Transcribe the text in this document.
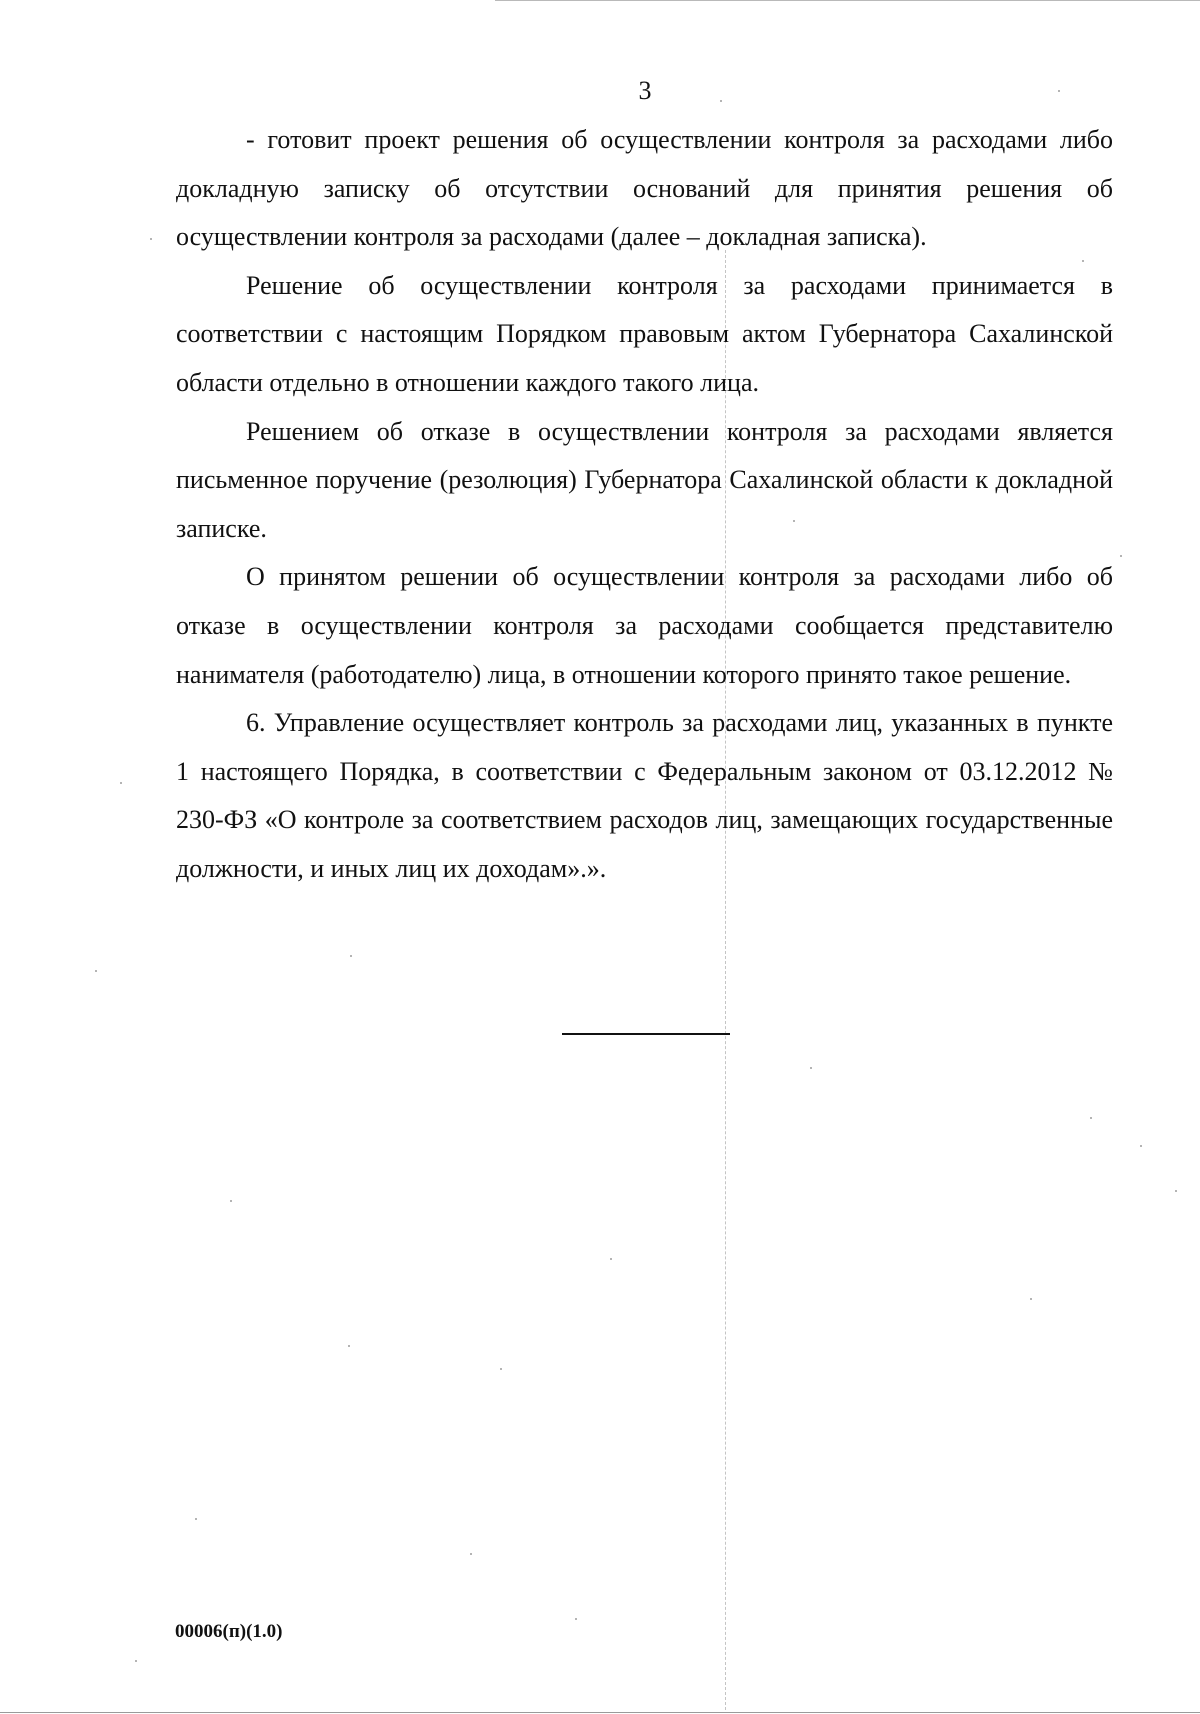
3

- готовит проект решения об осуществлении контроля за расходами либо докладную записку об отсутствии оснований для принятия решения об осуществлении контроля за расходами (далее – докладная записка).

Решение об осуществлении контроля за расходами принимается в соответствии с настоящим Порядком правовым актом Губернатора Сахалинской области отдельно в отношении каждого такого лица.

Решением об отказе в осуществлении контроля за расходами является письменное поручение (резолюция) Губернатора Сахалинской области к докладной записке.

О принятом решении об осуществлении контроля за расходами либо об отказе в осуществлении контроля за расходами сообщается представителю нанимателя (работодателю) лица, в отношении которого принято такое решение.

6. Управление осуществляет контроль за расходами лиц, указанных в пункте 1 настоящего Порядка, в соответствии с Федеральным законом от 03.12.2012 № 230-ФЗ «О контроле за соответствием расходов лиц, замещающих государственные должности, и иных лиц их доходам».».

00006(п)(1.0)
